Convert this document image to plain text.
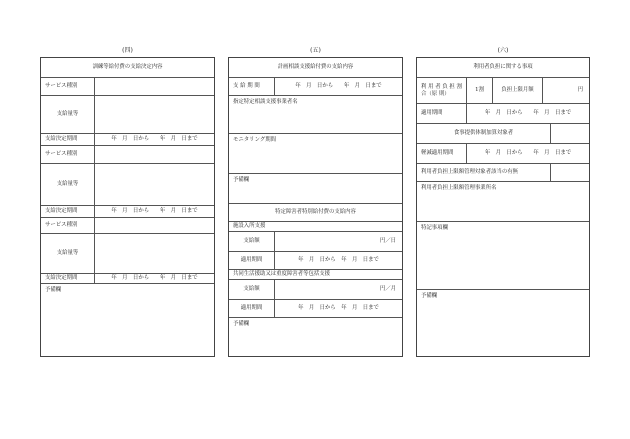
(四)	(五)	(六)
訓練等給付費の支給決定内容
サービス種別
支給量等
支給決定期間	年　月　日から　　年　月　日まで
サービス種別
支給量等
支給決定期間	年　月　日から　　年　月　日まで
サービス種別
支給量等
支給決定期間	年　月　日から　　年　月　日まで
予備欄
計画相談支援給付費の支給内容
支 給 期 間	年　月　日から　　年　月　日まで
指定特定相談支援事業者名
モニタリング期間
予備欄
特定障害者特別給付費の支給内容
施設入所支援
支給額	円／日
適用期間	年　月　日から　年　月　日まで
共同生活援助又は重度障害者等包括支援
支給額	円／月
適用期間	年　月　日から　年　月　日まで
予備欄
利用者負担に関する事項
利 用 者 負 担 割 合（原 則）
1割	負担上限月額	円
適用期間	年　月　日から　　年　月　日まで
食事提供体制加算対象者
軽減適用期間	年　月　日から　　年　月　日まで
利用者負担上限額管理対象者該当の有無
利用者負担上限額管理事業所名
特記事項欄
予備欄
